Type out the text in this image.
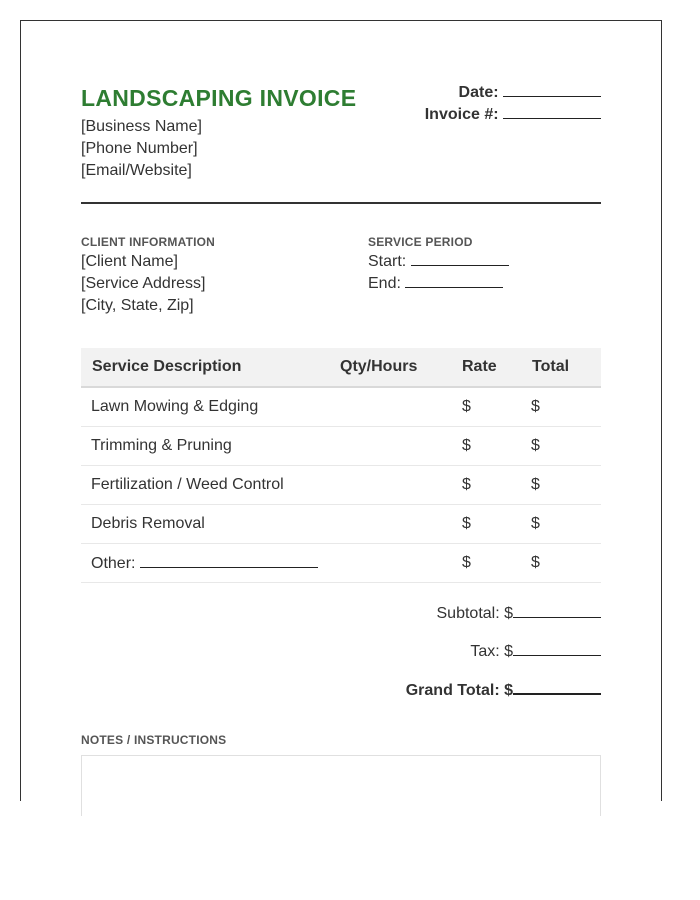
LANDSCAPING INVOICE
[Business Name]
[Phone Number]
[Email/Website]
Date:
Invoice #:
CLIENT INFORMATION
[Client Name]
[Service Address]
[City, State, Zip]
SERVICE PERIOD
Start:
End:
Service Description	Qty/Hours	Rate	Total
Lawn Mowing & Edging		$	$
Trimming & Pruning		$	$
Fertilization / Weed Control		$	$
Debris Removal		$	$
Other:		$	$
Subtotal: $
Tax: $
Grand Total: $
NOTES / INSTRUCTIONS
